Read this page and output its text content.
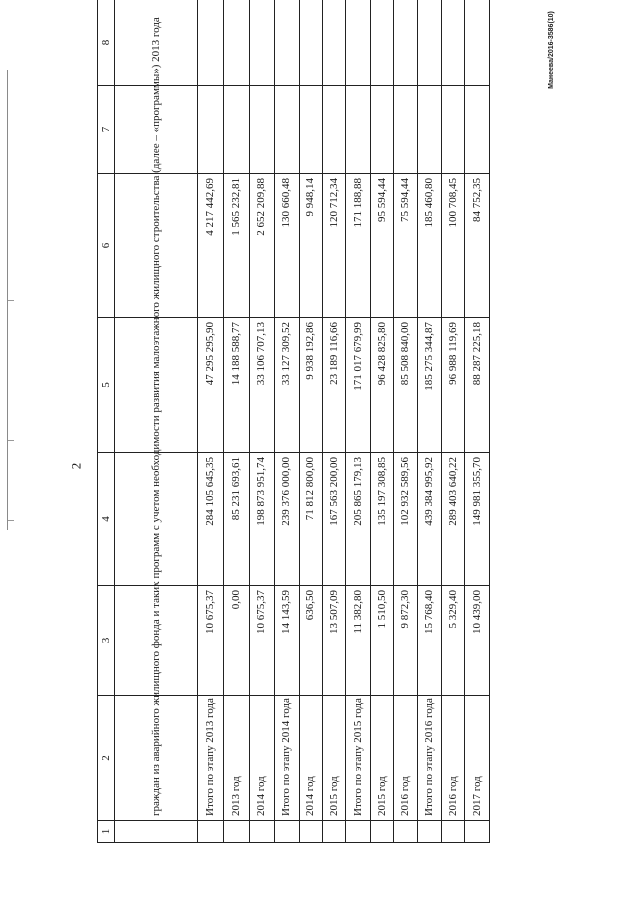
2
Манеева/2016-3586(10)
1	2	3	4	5	6	7	8
	граждан из аварийного жилищного фонда и таких программ с учетом необходимости развития малоэтажного жилищного строительства (далее – «программы») 2013 года						
	Итого по этапу 2013 года	10 675,37	284 105 645,35	47 295 295,90	4 217 442,69		
	2013 год	0,00	85 231 693,61	14 188 588,77	1 565 232,81		
	2014 год	10 675,37	198 873 951,74	33 106 707,13	2 652 209,88		
	Итого по этапу 2014 года	14 143,59	239 376 000,00	33 127 309,52	130 660,48		
	2014 год	636,50	71 812 800,00	9 938 192,86	9 948,14		
	2015 год	13 507,09	167 563 200,00	23 189 116,66	120 712,34		
	Итого по этапу 2015 года	11 382,80	205 865 179,13	171 017 679,99	171 188,88		
	2015 год	1 510,50	135 197 308,85	96 428 825,80	95 594,44		
	2016 год	9 872,30	102 932 589,56	85 508 840,00	75 594,44		
	Итого по этапу 2016 года	15 768,40	439 384 995,92	185 275 344,87	185 460,80		
	2016 год	5 329,40	289 403 640,22	96 988 119,69	100 708,45		
	2017 год	10 439,00	149 981 355,70	88 287 225,18	84 752,35		
